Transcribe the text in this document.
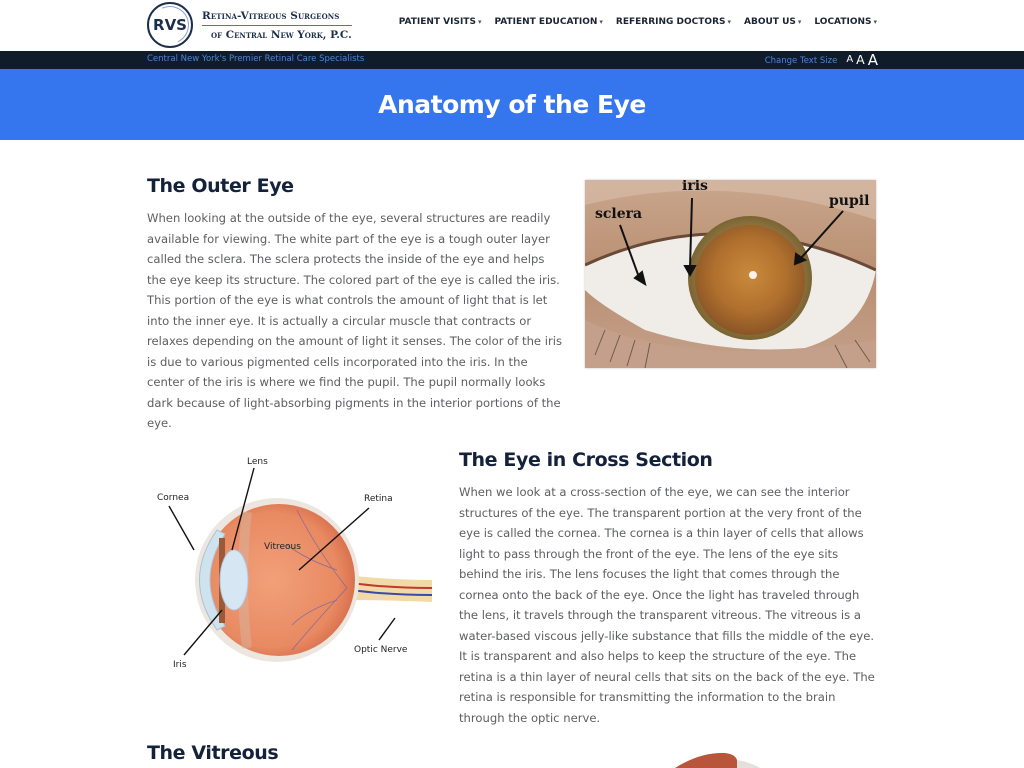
RVS
Retina-Vitreous Surgeons
of Central New York, P.C.
PATIENT VISITS ▾ PATIENT EDUCATION ▾ REFERRING DOCTORS ▾ ABOUT US ▾ LOCATIONS ▾
Central New York's Premier Retinal Care Specialists	Change Text Size A A A
Anatomy of the Eye
The Outer Eye

When looking at the outside of the eye, several structures are readily available for viewing. The white part of the eye is a tough outer layer called the sclera. The sclera protects the inside of the eye and helps the eye keep its structure. The colored part of the eye is called the iris. This portion of the eye is what controls the amount of light that is let into the inner eye. It is actually a circular muscle that contracts or relaxes depending on the amount of light it senses. The color of the iris is due to various pigmented cells incorporated into the iris. In the center of the iris is where we find the pupil. The pupil normally looks dark because of light-absorbing pigments in the interior portions of the eye.

sclera
iris
pupil
Lens
Cornea	Retina
Vitreous
Iris
Optic Nerve
The Eye in Cross Section

When we look at a cross-section of the eye, we can see the interior structures of the eye. The transparent portion at the very front of the eye is called the cornea. The cornea is a thin layer of cells that allows light to pass through the front of the eye. The lens of the eye sits behind the iris. The lens focuses the light that comes through the cornea onto the back of the eye. Once the light has traveled through the lens, it travels through the transparent vitreous. The vitreous is a water-based viscous jelly-like substance that fills the middle of the eye. It is transparent and also helps to keep the structure of the eye. The retina is a thin layer of neural cells that sits on the back of the eye. The retina is responsible for transmitting the information to the brain through the optic nerve.

The Vitreous
